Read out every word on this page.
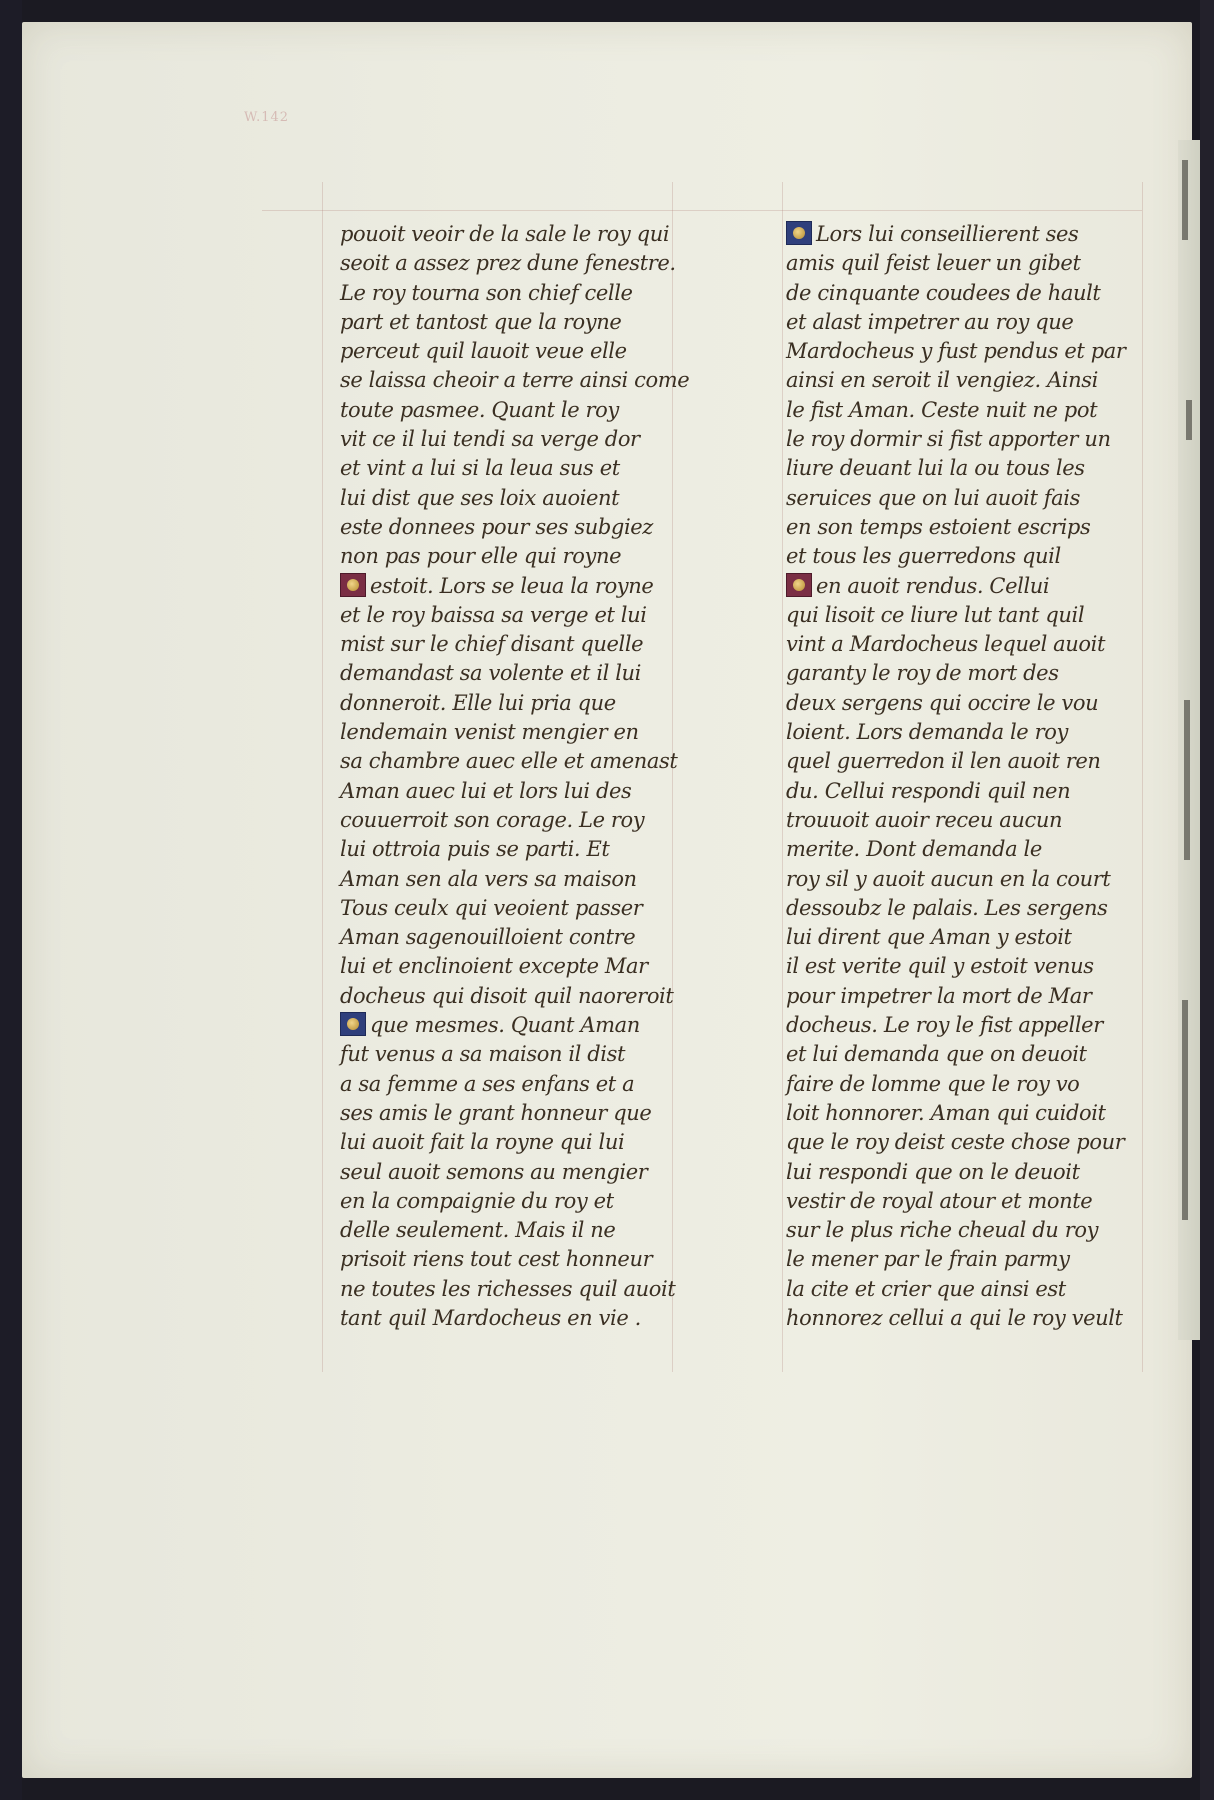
W.142
pouoit veoir de la sale le roy qui
seoit a assez prez dune fenestre.
Le roy tourna son chief celle
part et tantost que la royne
perceut quil lauoit veue elle
se laissa cheoir a terre ainsi come
toute pasmee. Quant le roy
vit ce il lui tendi sa verge dor
et vint a lui si la leua sus et
lui dist que ses loix auoient
este donnees pour ses subgiez
non pas pour elle qui royne
estoit. Lors se leua la royne
et le roy baissa sa verge et lui
mist sur le chief disant quelle
demandast sa volente et il lui
donneroit. Elle lui pria que
lendemain venist mengier en
sa chambre auec elle et amenast
Aman auec lui et lors lui des
couuerroit son corage. Le roy
lui ottroia puis se parti. Et
Aman sen ala vers sa maison
Tous ceulx qui veoient passer
Aman sagenouilloient contre
lui et enclinoient excepte Mar
docheus qui disoit quil naoreroit
que mesmes. Quant Aman
fut venus a sa maison il dist
a sa femme a ses enfans et a
ses amis le grant honneur que
lui auoit fait la royne qui lui
seul auoit semons au mengier
en la compaignie du roy et
delle seulement. Mais il ne
prisoit riens tout cest honneur
ne toutes les richesses quil auoit
tant quil Mardocheus en vie .
Lors lui conseillierent ses
amis quil feist leuer un gibet
de cinquante coudees de hault
et alast impetrer au roy que
Mardocheus y fust pendus et par
ainsi en seroit il vengiez. Ainsi
le fist Aman. Ceste nuit ne pot
le roy dormir si fist apporter un
liure deuant lui la ou tous les
seruices que on lui auoit fais
en son temps estoient escrips
et tous les guerredons quil
en auoit rendus. Cellui
qui lisoit ce liure lut tant quil
vint a Mardocheus lequel auoit
garanty le roy de mort des
deux sergens qui occire le vou
loient. Lors demanda le roy
quel guerredon il len auoit ren
du. Cellui respondi quil nen
trouuoit auoir receu aucun
merite. Dont demanda le
roy sil y auoit aucun en la court
dessoubz le palais. Les sergens
lui dirent que Aman y estoit
il est verite quil y estoit venus
pour impetrer la mort de Mar
docheus. Le roy le fist appeller
et lui demanda que on deuoit
faire de lomme que le roy vo
loit honnorer. Aman qui cuidoit
que le roy deist ceste chose pour
lui respondi que on le deuoit
vestir de royal atour et monte
sur le plus riche cheual du roy
le mener par le frain parmy
la cite et crier que ainsi est
honnorez cellui a qui le roy veult
